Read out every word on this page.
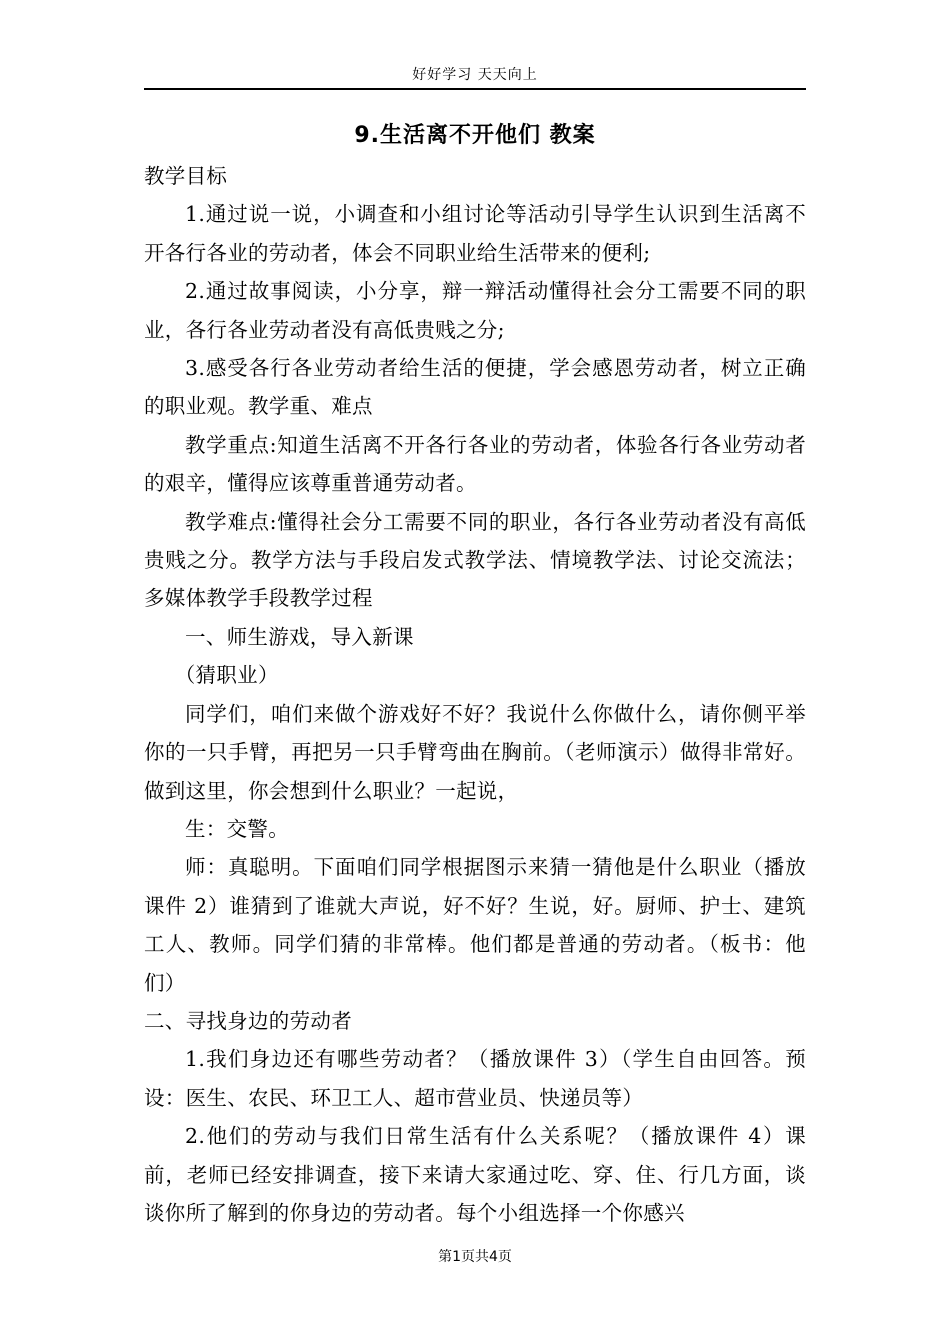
好好学习 天天向上
9.生活离不开他们 教案

教学目标

1.通过说一说，小调查和小组讨论等活动引导学生认识到生活离不开各行各业的劳动者，体会不同职业给生活带来的便利;

2.通过故事阅读，小分享，辩一辩活动懂得社会分工需要不同的职业，各行各业劳动者没有高低贵贱之分;

3.感受各行各业劳动者给生活的便捷，学会感恩劳动者，树立正确的职业观。教学重、难点

教学重点:知道生活离不开各行各业的劳动者，体验各行各业劳动者的艰辛，懂得应该尊重普通劳动者。

教学难点:懂得社会分工需要不同的职业，各行各业劳动者没有高低贵贱之分。教学方法与手段启发式教学法、情境教学法、讨论交流法；多媒体教学手段教学过程

一、师生游戏，导入新课

（猜职业）

同学们，咱们来做个游戏好不好？我说什么你做什么，请你侧平举你的一只手臂，再把另一只手臂弯曲在胸前。（老师演示）做得非常好。做到这里，你会想到什么职业？一起说，

生：交警。

师：真聪明。下面咱们同学根据图示来猜一猜他是什么职业（播放课件 2）谁猜到了谁就大声说，好不好？生说，好。厨师、护士、建筑工人、教师。同学们猜的非常棒。他们都是普通的劳动者。（板书：他们）

二、寻找身边的劳动者

1.我们身边还有哪些劳动者？（播放课件 3）（学生自由回答。预设：医生、农民、环卫工人、超市营业员、快递员等）

2.他们的劳动与我们日常生活有什么关系呢？（播放课件 4）课前，老师已经安排调查，接下来请大家通过吃、穿、住、行几方面，谈谈你所了解到的你身边的劳动者。每个小组选择一个你感兴

第1页共4页
